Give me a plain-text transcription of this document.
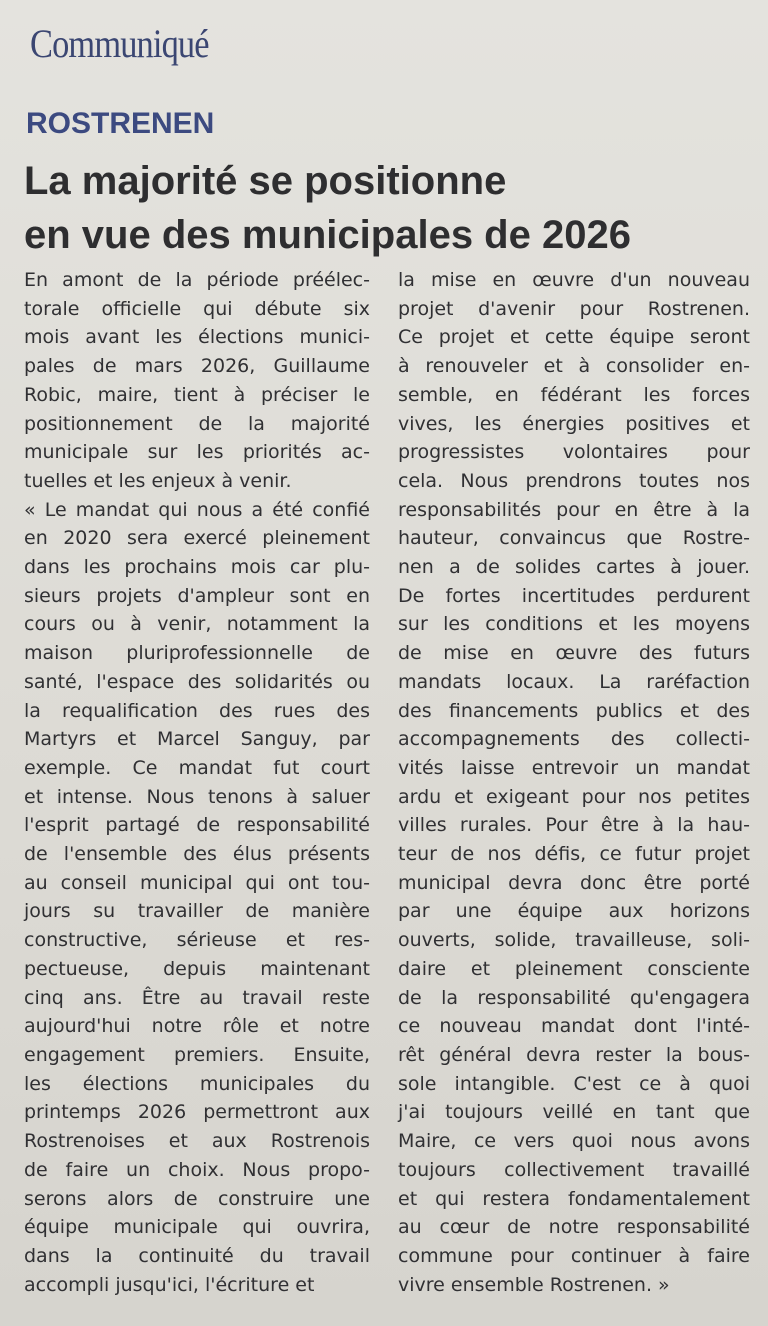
Communiqué
ROSTRENEN
La majorité se positionne
en vue des municipales de 2026
En amont de la période préélec-
torale officielle qui débute six
mois avant les élections munici-
pales de mars 2026, Guillaume
Robic, maire, tient à préciser le
positionnement de la majorité
municipale sur les priorités ac-
tuelles et les enjeux à venir.
« Le mandat qui nous a été confié
en 2020 sera exercé pleinement
dans les prochains mois car plu-
sieurs projets d'ampleur sont en
cours ou à venir, notamment la
maison pluriprofessionnelle de
santé, l'espace des solidarités ou
la requalification des rues des
Martyrs et Marcel Sanguy, par
exemple. Ce mandat fut court
et intense. Nous tenons à saluer
l'esprit partagé de responsabilité
de l'ensemble des élus présents
au conseil municipal qui ont tou-
jours su travailler de manière
constructive, sérieuse et res-
pectueuse, depuis maintenant
cinq ans. Être au travail reste
aujourd'hui notre rôle et notre
engagement premiers. Ensuite,
les élections municipales du
printemps 2026 permettront aux
Rostrenoises et aux Rostrenois
de faire un choix. Nous propo-
serons alors de construire une
équipe municipale qui ouvrira,
dans la continuité du travail
accompli jusqu'ici, l'écriture et
la mise en œuvre d'un nouveau
projet d'avenir pour Rostrenen.
Ce projet et cette équipe seront
à renouveler et à consolider en-
semble, en fédérant les forces
vives, les énergies positives et
progressistes volontaires pour
cela. Nous prendrons toutes nos
responsabilités pour en être à la
hauteur, convaincus que Rostre-
nen a de solides cartes à jouer.
De fortes incertitudes perdurent
sur les conditions et les moyens
de mise en œuvre des futurs
mandats locaux. La raréfaction
des financements publics et des
accompagnements des collecti-
vités laisse entrevoir un mandat
ardu et exigeant pour nos petites
villes rurales. Pour être à la hau-
teur de nos défis, ce futur projet
municipal devra donc être porté
par une équipe aux horizons
ouverts, solide, travailleuse, soli-
daire et pleinement consciente
de la responsabilité qu'engagera
ce nouveau mandat dont l'inté-
rêt général devra rester la bous-
sole intangible. C'est ce à quoi
j'ai toujours veillé en tant que
Maire, ce vers quoi nous avons
toujours collectivement travaillé
et qui restera fondamentalement
au cœur de notre responsabilité
commune pour continuer à faire
vivre ensemble Rostrenen. »
